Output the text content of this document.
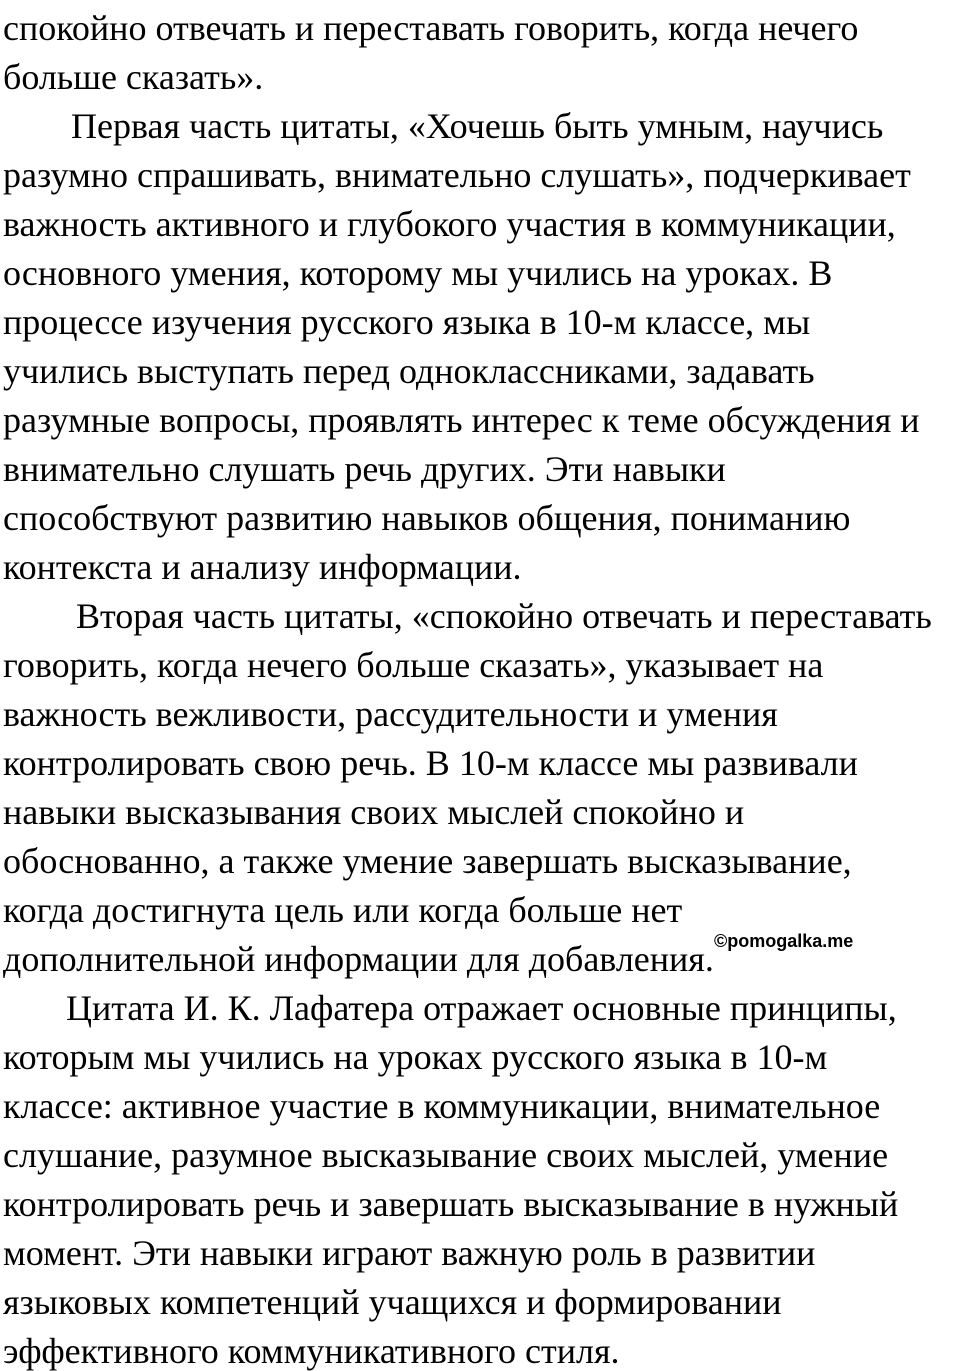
спокойно отвечать и переставать говорить, когда нечего
больше сказать».
Первая часть цитаты, «Хочешь быть умным, научись
разумно спрашивать, внимательно слушать», подчеркивает
важность активного и глубокого участия в коммуникации,
основного умения, которому мы учились на уроках. В
процессе изучения русского языка в 10-м классе, мы
учились выступать перед одноклассниками, задавать
разумные вопросы, проявлять интерес к теме обсуждения и
внимательно слушать речь других. Эти навыки
способствуют развитию навыков общения, пониманию
контекста и анализу информации.
Вторая часть цитаты, «спокойно отвечать и переставать
говорить, когда нечего больше сказать», указывает на
важность вежливости, рассудительности и умения
контролировать свою речь. В 10-м классе мы развивали
навыки высказывания своих мыслей спокойно и
обоснованно, а также умение завершать высказывание,
когда достигнута цель или когда больше нет
дополнительной информации для добавления.
Цитата И. К. Лафатера отражает основные принципы,
которым мы учились на уроках русского языка в 10-м
классе: активное участие в коммуникации, внимательное
слушание, разумное высказывание своих мыслей, умение
контролировать речь и завершать высказывание в нужный
момент. Эти навыки играют важную роль в развитии
языковых компетенций учащихся и формировании
эффективного коммуникативного стиля.
©pomogalka.me
